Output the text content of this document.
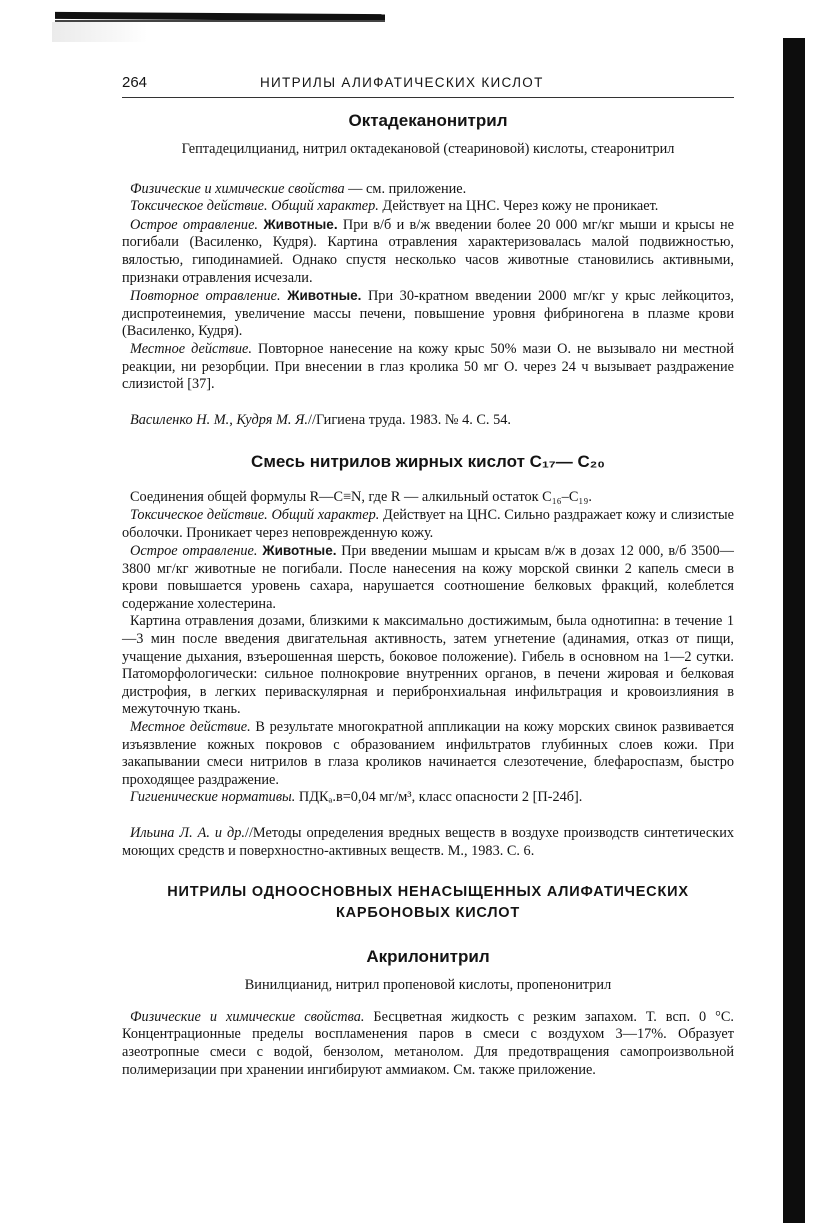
264	НИТРИЛЫ АЛИФАТИЧЕСКИХ КИСЛОТ
Октадеканонитрил

Гептадецилцианид, нитрил октадекановой (стеариновой) кислоты, стеаронитрил

Физические и химические свойства — см. приложение.

Токсическое действие. Общий характер. Действует на ЦНС. Через кожу не проникает.

Острое отравление. Животные. При в/б и в/ж введении более 20 000 мг/кг мыши и крысы не погибали (Василенко, Кудря). Картина отравления характеризовалась малой подвижностью, вялостью, гиподинамией. Однако спустя несколько часов животные становились активными, признаки отравления исчезали.

Повторное отравление. Животные. При 30-кратном введении 2000 мг/кг у крыс лейкоцитоз, диспротеинемия, увеличение массы печени, повышение уровня фибриногена в плазме крови (Василенко, Кудря).

Местное действие. Повторное нанесение на кожу крыс 50% мази О. не вызывало ни местной реакции, ни резорбции. При внесении в глаз кролика 50 мг О. через 24 ч вызывает раздражение слизистой [37].

Василенко Н. М., Кудря М. Я.//Гигиена труда. 1983. № 4. С. 54.

Смесь нитрилов жирных кислот C₁₇— C₂₀

Соединения общей формулы R—C≡N, где R — алкильный остаток C₁₆–C₁₉.

Токсическое действие. Общий характер. Действует на ЦНС. Сильно раздражает кожу и слизистые оболочки. Проникает через неповрежденную кожу.

Острое отравление. Животные. При введении мышам и крысам в/ж в дозах 12 000, в/б 3500—3800 мг/кг животные не погибали. После нанесения на кожу морской свинки 2 капель смеси в крови повышается уровень сахара, нарушается соотношение белковых фракций, колеблется содержание холестерина.

Картина отравления дозами, близкими к максимально достижимым, была однотипна: в течение 1—3 мин после введения двигательная активность, затем угнетение (адинамия, отказ от пищи, учащение дыхания, взъерошенная шерсть, боковое положение). Гибель в основном на 1—2 сутки. Патоморфологически: сильное полнокровие внутренних органов, в печени жировая и белковая дистрофия, в легких периваскулярная и перибронхиальная инфильтрация и кровоизлияния в межуточную ткань.

Местное действие. В результате многократной аппликации на кожу морских свинок развивается изъязвление кожных покровов с образованием инфильтратов глубинных слоев кожи. При закапывании смеси нитрилов в глаза кроликов начинается слезотечение, блефароспазм, быстро проходящее раздражение.

Гигиенические нормативы. ПДКₐ.в=0,04 мг/м³, класс опасности 2 [П-24б].

Ильина Л. А. и др.//Методы определения вредных веществ в воздухе производств синтетических моющих средств и поверхностно-активных веществ. М., 1983. С. 6.

НИТРИЛЫ ОДНООСНОВНЫХ НЕНАСЫЩЕННЫХ АЛИФАТИЧЕСКИХ
КАРБОНОВЫХ КИСЛОТ
Акрилонитрил

Винилцианид, нитрил пропеновой кислоты, пропенонитрил

Физические и химические свойства. Бесцветная жидкость с резким запахом. Т. всп. 0 °С. Концентрационные пределы воспламенения паров в смеси с воздухом 3—17%. Образует азеотропные смеси с водой, бензолом, метанолом. Для предотвращения самопроизвольной полимеризации при хранении ингибируют аммиаком. См. также приложение.
